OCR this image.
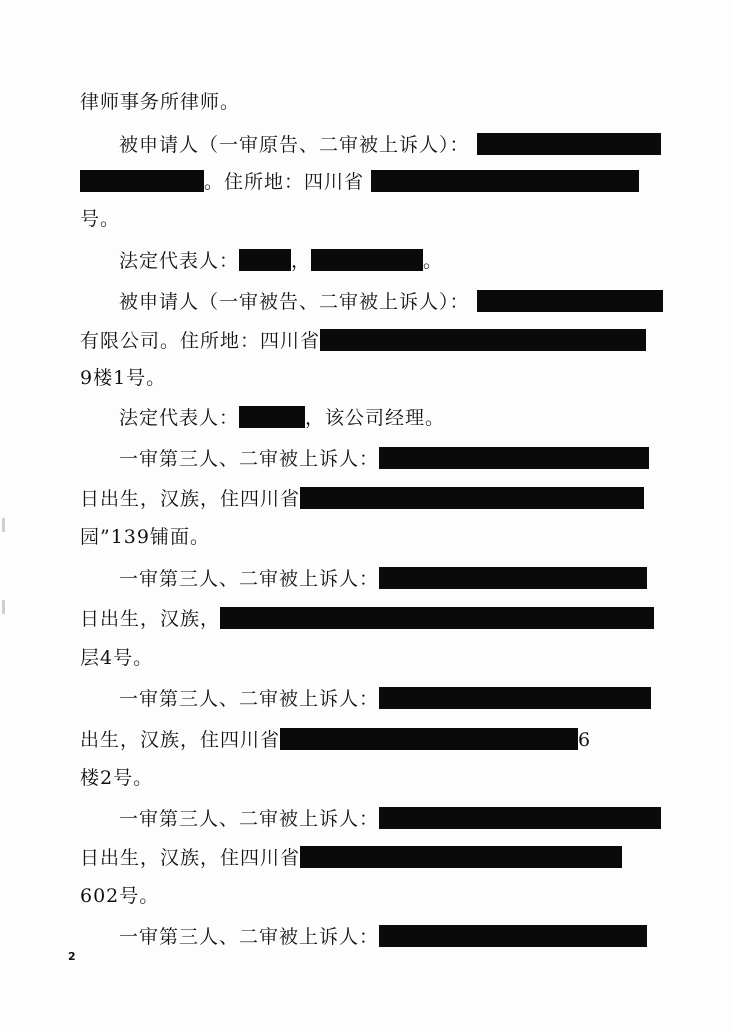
律师事务所律师。
被申请人（一审原告、二审被上诉人）：
。住所地：四川省
号。
法定代表人：	，	。
被申请人（一审被告、二审被上诉人）：
有限公司。住所地：四川省
9楼1号。
法定代表人：	，该公司经理。
一审第三人、二审被上诉人：
日出生，汉族，住四川省
园”139铺面。
一审第三人、二审被上诉人：
日出生，汉族，
层4号。
一审第三人、二审被上诉人：
出生，汉族，住四川省	6
楼2号。
一审第三人、二审被上诉人：
日出生，汉族，住四川省
602号。
一审第三人、二审被上诉人：
2
